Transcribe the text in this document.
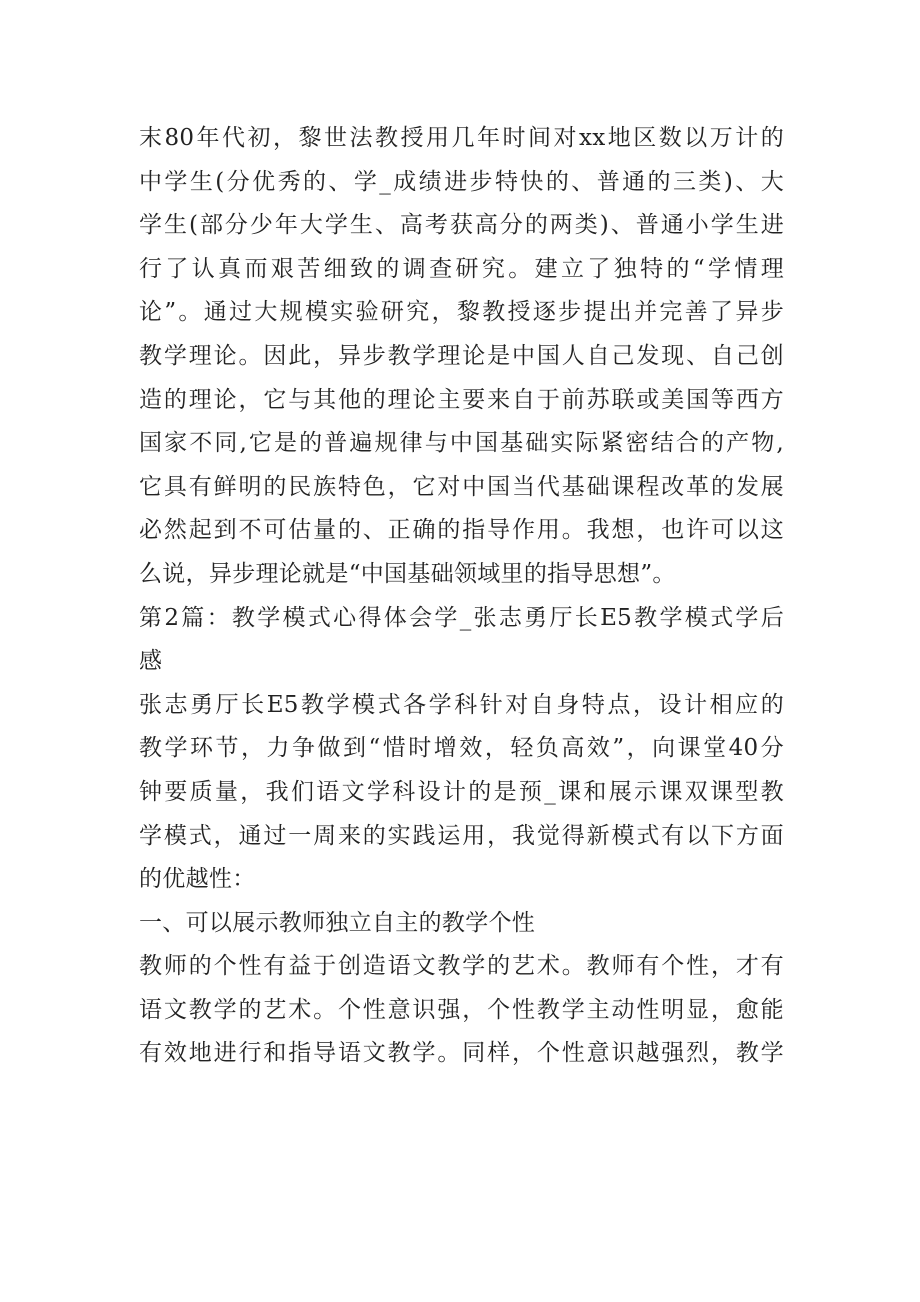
末80年代初，黎世法教授用几年时间对xx地区数以万计的
中学生(分优秀的、学_成绩进步特快的、普通的三类)、大
学生(部分少年大学生、高考获高分的两类)、普通小学生进
行了认真而艰苦细致的调查研究。建立了独特的“学情理
论”。通过大规模实验研究，黎教授逐步提出并完善了异步
教学理论。因此，异步教学理论是中国人自己发现、自己创
造的理论，它与其他的理论主要来自于前苏联或美国等西方
国家不同,它是的普遍规律与中国基础实际紧密结合的产物,
它具有鲜明的民族特色，它对中国当代基础课程改革的发展
必然起到不可估量的、正确的指导作用。我想，也许可以这
么说，异步理论就是“中国基础领域里的指导思想”。
第2篇：教学模式心得体会学_张志勇厅长E5教学模式学后
感
张志勇厅长E5教学模式各学科针对自身特点，设计相应的
教学环节，力争做到“惜时增效，轻负高效”，向课堂40分
钟要质量，我们语文学科设计的是预_课和展示课双课型教
学模式，通过一周来的实践运用，我觉得新模式有以下方面
的优越性：
一、可以展示教师独立自主的教学个性
教师的个性有益于创造语文教学的艺术。教师有个性，才有
语文教学的艺术。个性意识强，个性教学主动性明显，愈能
有效地进行和指导语文教学。同样，个性意识越强烈，教学
